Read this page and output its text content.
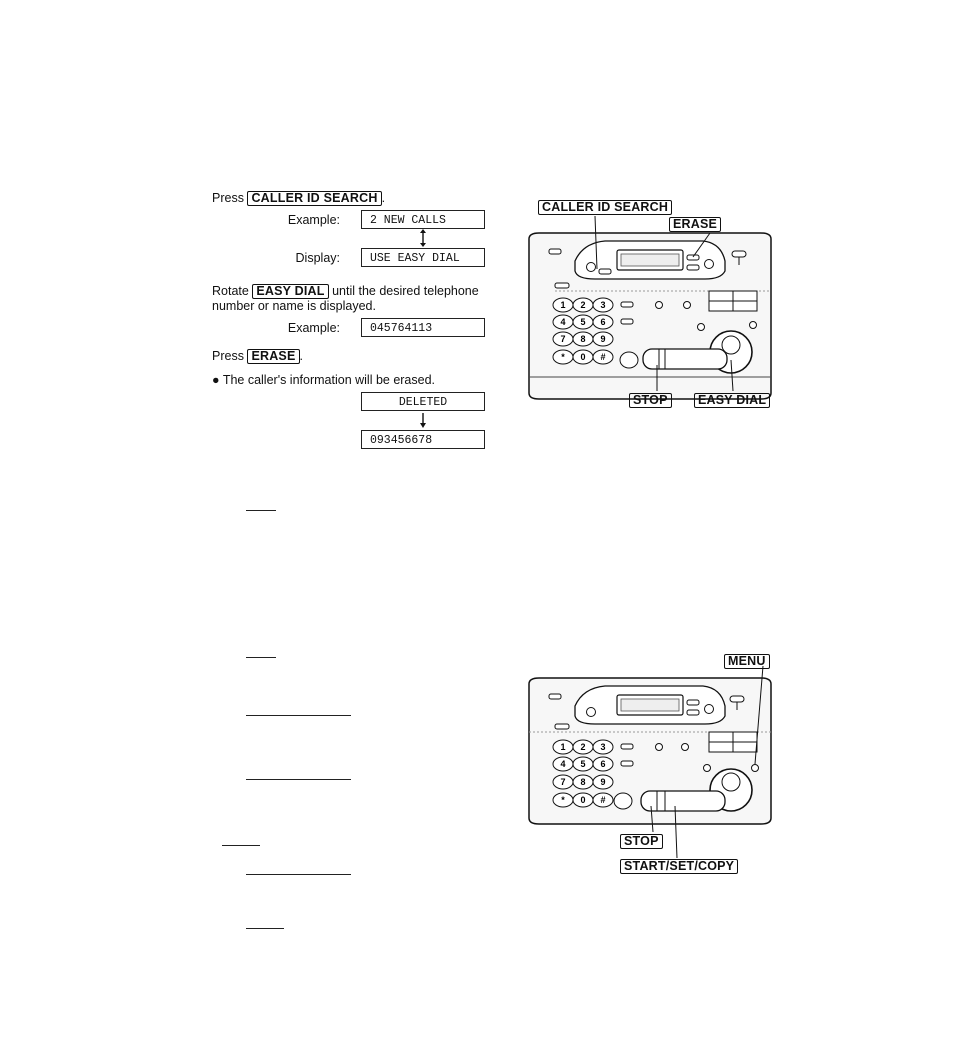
Press CALLER ID SEARCH .
Example:	2 NEW CALLS
Display:	USE EASY DIAL
Rotate EASY DIAL until the desired telephone
number or name is displayed.
Example:	045764113
Press ERASE .
● The caller's information will be erased.
DELETED
093456678
CALLER ID SEARCH
ERASE
1 2 3
4 5 6
7 8 9
* 0 #
STOP	EASY DIAL
MENU
1 2 3
4 5 6
7 8 9
* 0 #
STOP
START/SET/COPY
